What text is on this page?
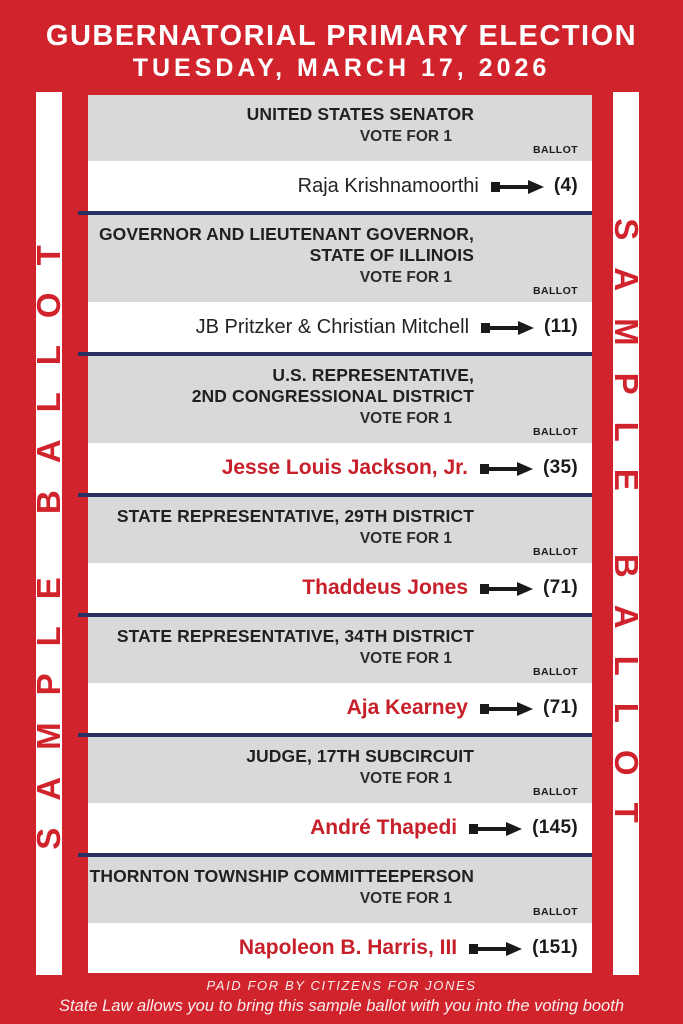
GUBERNATORIAL PRIMARY ELECTION
TUESDAY, MARCH 17, 2026
SAMPLE BALLOT	SAMPLE BALLOT
UNITED STATES SENATOR
VOTE FOR 1
BALLOT
Raja Krishnamoorthi	(4)
GOVERNOR AND LIEUTENANT GOVERNOR,
STATE OF ILLINOIS
VOTE FOR 1
BALLOT
JB Pritzker & Christian Mitchell	(11)
U.S. REPRESENTATIVE,
2ND CONGRESSIONAL DISTRICT
VOTE FOR 1
BALLOT
Jesse Louis Jackson, Jr.	(35)
STATE REPRESENTATIVE, 29TH DISTRICT
VOTE FOR 1
BALLOT
Thaddeus Jones	(71)
STATE REPRESENTATIVE, 34TH DISTRICT
VOTE FOR 1
BALLOT
Aja Kearney	(71)
JUDGE, 17TH SUBCIRCUIT
VOTE FOR 1
BALLOT
André Thapedi	(145)
THORNTON TOWNSHIP COMMITTEEPERSON
VOTE FOR 1
BALLOT
Napoleon B. Harris, III	(151)
PAID FOR BY CITIZENS FOR JONES
State Law allows you to bring this sample ballot with you into the voting booth
